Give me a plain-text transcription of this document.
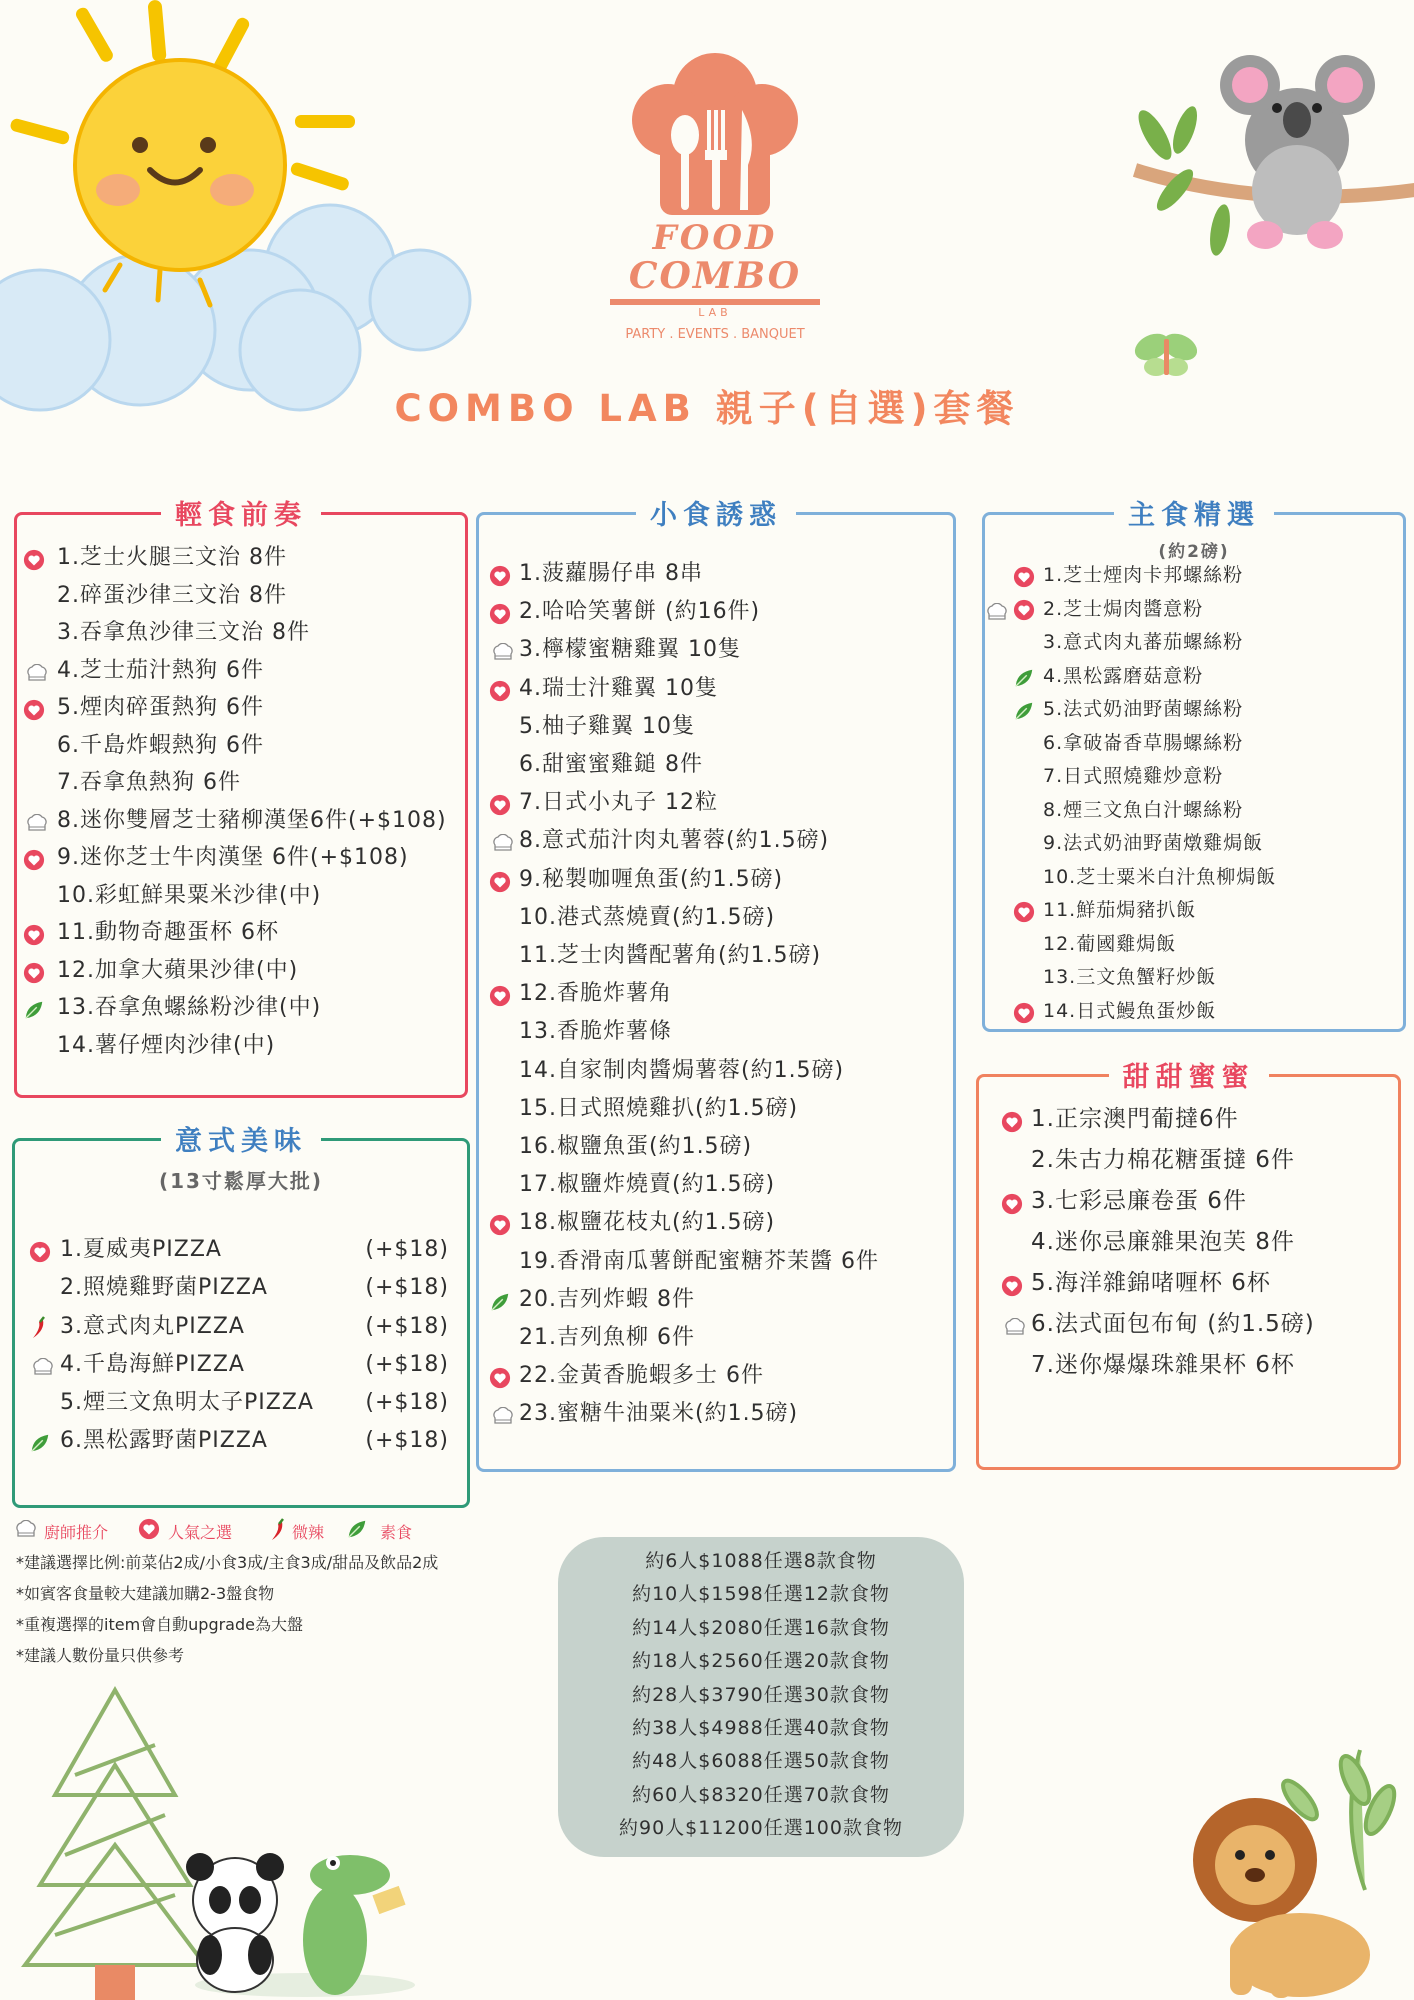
FOOD
COMBO
LAB
PARTY . EVENTS . BANQUET
COMBO LAB 親子(自選)套餐
輕食前奏
1.芝士火腿三文治 8件
2.碎蛋沙律三文治 8件
3.吞拿魚沙律三文治 8件
4.芝士茄汁熱狗 6件
5.煙肉碎蛋熱狗 6件
6.千島炸蝦熱狗 6件
7.吞拿魚熱狗 6件
8.迷你雙層芝士豬柳漢堡6件(+$108)
9.迷你芝士牛肉漢堡 6件(+$108)
10.彩虹鮮果粟米沙律(中)
11.動物奇趣蛋杯 6杯
12.加拿大蘋果沙律(中)
13.吞拿魚螺絲粉沙律(中)
14.薯仔煙肉沙律(中)
小食誘惑
1.菠蘿腸仔串 8串
2.哈哈笑薯餅 (約16件)
3.檸檬蜜糖雞翼 10隻
4.瑞士汁雞翼 10隻
5.柚子雞翼 10隻
6.甜蜜蜜雞鎚 8件
7.日式小丸子 12粒
8.意式茄汁肉丸薯蓉(約1.5磅)
9.秘製咖喱魚蛋(約1.5磅)
10.港式蒸燒賣(約1.5磅)
11.芝士肉醬配薯角(約1.5磅)
12.香脆炸薯角
13.香脆炸薯條
14.自家制肉醬焗薯蓉(約1.5磅)
15.日式照燒雞扒(約1.5磅)
16.椒鹽魚蛋(約1.5磅)
17.椒鹽炸燒賣(約1.5磅)
18.椒鹽花枝丸(約1.5磅)
19.香滑南瓜薯餅配蜜糖芥茉醬 6件
20.吉列炸蝦 8件
21.吉列魚柳 6件
22.金黃香脆蝦多士 6件
23.蜜糖牛油粟米(約1.5磅)
主食精選
(約2磅)
1.芝士煙肉卡邦螺絲粉
2.芝士焗肉醬意粉
3.意式肉丸蕃茄螺絲粉
4.黑松露磨菇意粉
5.法式奶油野菌螺絲粉
6.拿破崙香草腸螺絲粉
7.日式照燒雞炒意粉
8.煙三文魚白汁螺絲粉
9.法式奶油野菌燉雞焗飯
10.芝士粟米白汁魚柳焗飯
11.鮮茄焗豬扒飯
12.葡國雞焗飯
13.三文魚蟹籽炒飯
14.日式鰻魚蛋炒飯
意式美味
(13寸鬆厚大批)
1.夏威夷PIZZA	(+$18)
2.照燒雞野菌PIZZA	(+$18)
3.意式肉丸PIZZA	(+$18)
4.千島海鮮PIZZA	(+$18)
5.煙三文魚明太子PIZZA (+$18)
6.黑松露野菌PIZZA	(+$18)
甜甜蜜蜜
1.正宗澳門葡撻6件
2.朱古力棉花糖蛋撻 6件
3.七彩忌廉卷蛋 6件
4.迷你忌廉雜果泡芙 8件
5.海洋雜錦啫喱杯 6杯
6.法式面包布甸 (約1.5磅)
7.迷你爆爆珠雜果杯 6杯
廚師推介	人氣之選	微辣	素食
*建議選擇比例:前菜佔2成/小食3成/主食3成/甜品及飲品2成
*如賓客食量較大建議加購2-3盤食物
*重複選擇的item會自動upgrade為大盤
*建議人數份量只供參考
約6人$1088任選8款食物
約10人$1598任選12款食物
約14人$2080任選16款食物
約18人$2560任選20款食物
約28人$3790任選30款食物
約38人$4988任選40款食物
約48人$6088任選50款食物
約60人$8320任選70款食物
約90人$11200任選100款食物
